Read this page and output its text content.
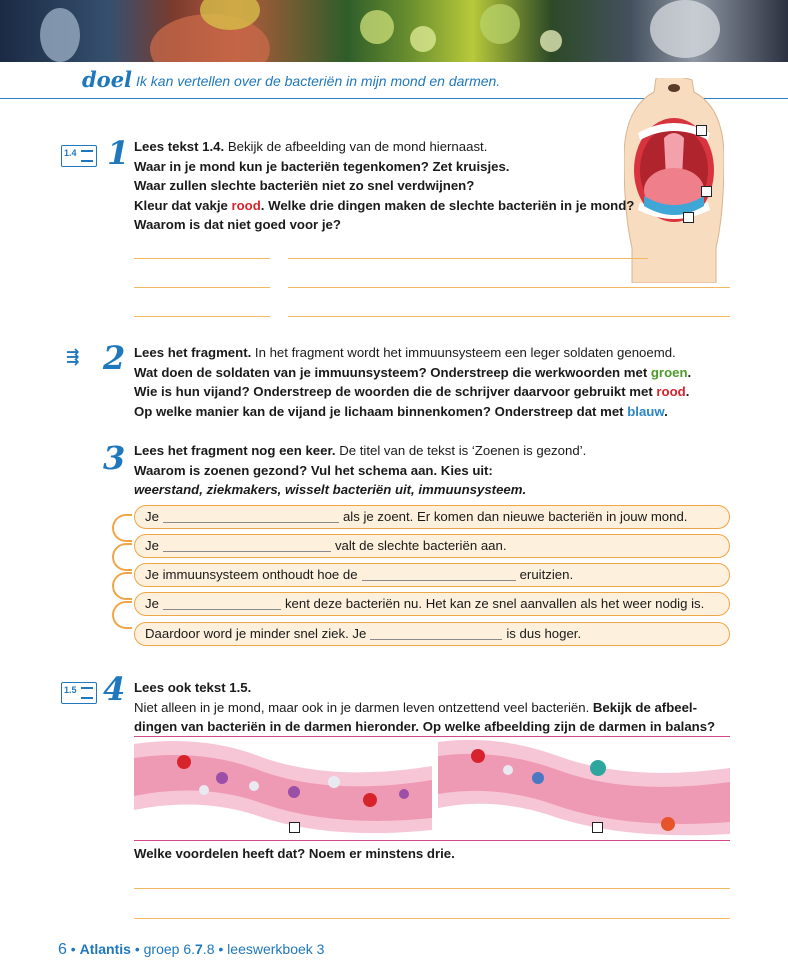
doel Ik kan vertellen over de bacteriën in mijn mond en darmen.
1.4 1 Lees tekst 1.4. Bekijk de afbeelding van de mond hiernaast.
Waar in je mond kun je bacteriën tegenkomen? Zet kruisjes.
Waar zullen slechte bacteriën niet zo snel verdwijnen?
Kleur dat vakje rood. Welke drie dingen maken de slechte bacteriën in je mond?
Waarom is dat niet goed voor je?
⇶ 2 Lees het fragment. In het fragment wordt het immuunsysteem een leger soldaten genoemd.
Wat doen de soldaten van je immuunsysteem? Onderstreep die werkwoorden met groen.
Wie is hun vijand? Onderstreep de woorden die de schrijver daarvoor gebruikt met rood.
Op welke manier kan de vijand je lichaam binnenkomen? Onderstreep dat met blauw.
3 Lees het fragment nog een keer. De titel van de tekst is ‘Zoenen is gezond’.
Waarom is zoenen gezond? Vul het schema aan. Kies uit:
weerstand, ziekmakers, wisselt bacteriën uit, immuunsysteem.
Je	als je zoent. Er komen dan nieuwe bacteriën in jouw mond.
Je	valt de slechte bacteriën aan.
Je immuunsysteem onthoudt hoe de	eruitzien.
Je	kent deze bacteriën nu. Het kan ze snel aanvallen als het weer nodig is.
Daardoor word je minder snel ziek. Je	is dus hoger.
1.5 4 Lees ook tekst 1.5.
Niet alleen in je mond, maar ook in je darmen leven ontzettend veel bacteriën. Bekijk de afbeel-
dingen van bacteriën in de darmen hieronder. Op welke afbeelding zijn de darmen in balans?
Welke voordelen heeft dat? Noem er minstens drie.
6 • Atlantis • groep 6.7.8 • leeswerkboek 3
